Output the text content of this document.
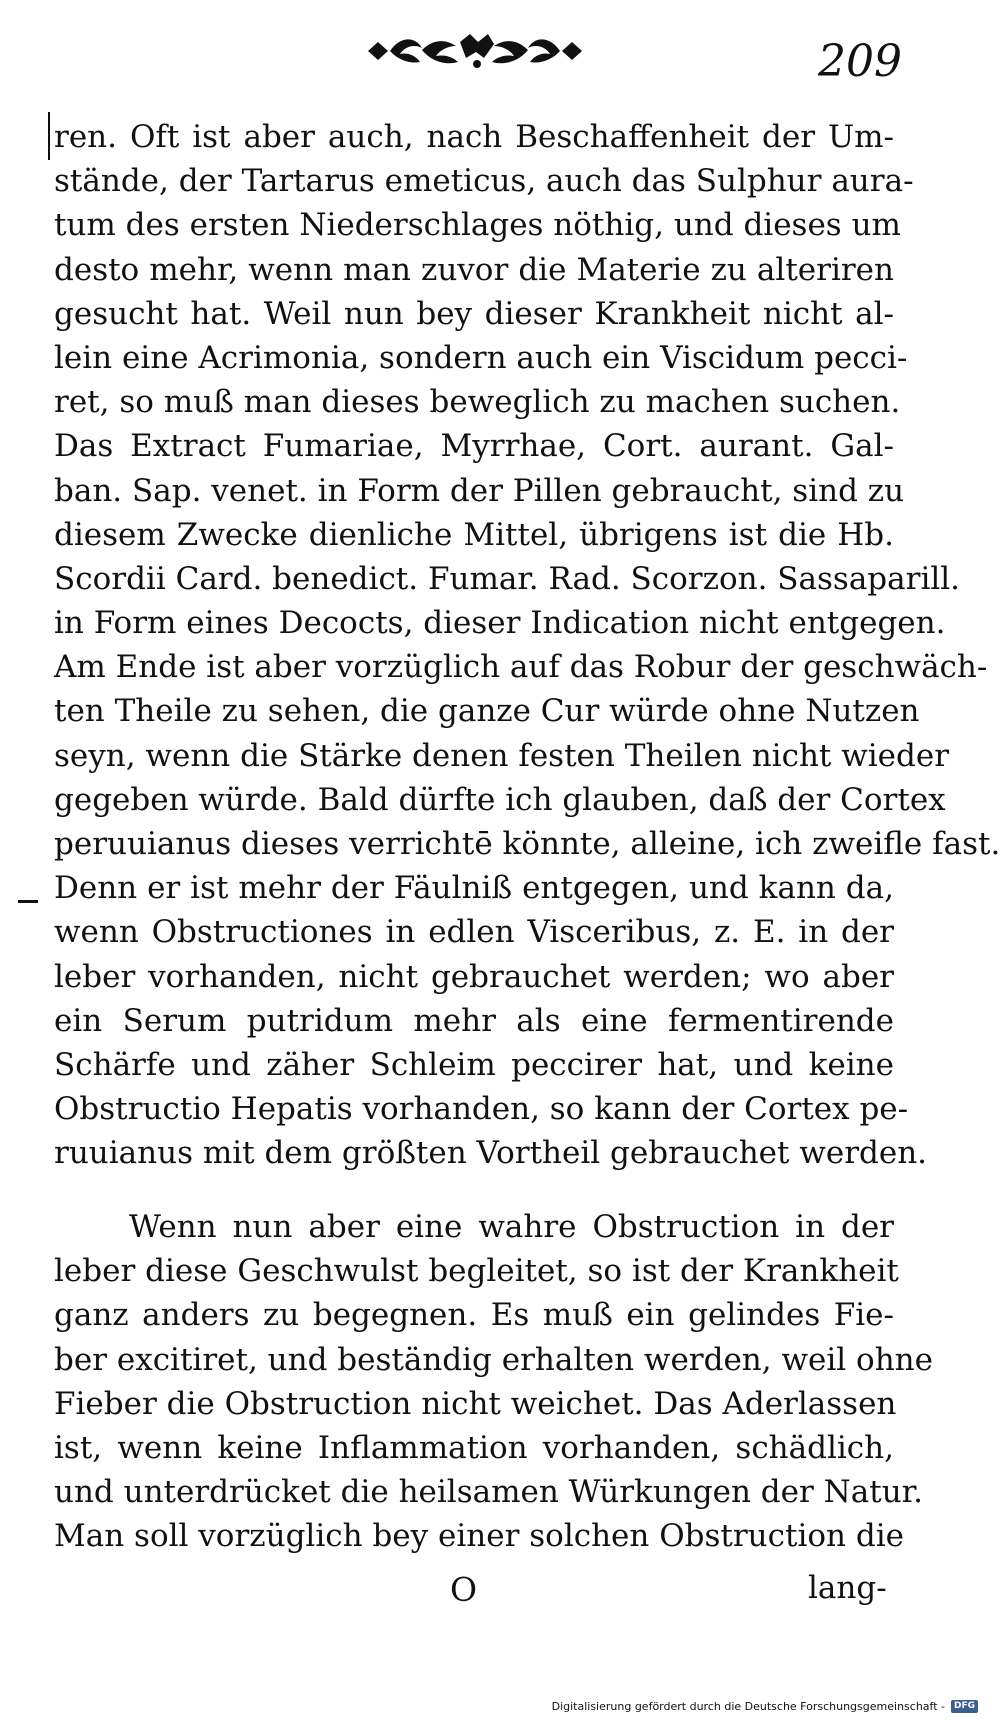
209
ren. Oft ist aber auch, nach Beschaffenheit der Um-
stände, der Tartarus emeticus, auch das Sulphur aura-
tum des ersten Niederschlages nöthig, und dieses um
desto mehr, wenn man zuvor die Materie zu alteriren
gesucht hat. Weil nun bey dieser Krankheit nicht al-
lein eine Acrimonia, sondern auch ein Viscidum pecci-
ret, so muß man dieses beweglich zu machen suchen.
Das Extract Fumariae, Myrrhae, Cort. aurant. Gal-
ban. Sap. venet. in Form der Pillen gebraucht, sind zu
diesem Zwecke dienliche Mittel, übrigens ist die Hb.
Scordii Card. benedict. Fumar. Rad. Scorzon. Sassaparill.
in Form eines Decocts, dieser Indication nicht entgegen.
Am Ende ist aber vorzüglich auf das Robur der geschwäch-
ten Theile zu sehen, die ganze Cur würde ohne Nutzen
seyn, wenn die Stärke denen festen Theilen nicht wieder
gegeben würde. Bald dürfte ich glauben, daß der Cortex
peruuianus dieses verrichtē könnte, alleine, ich zweifle fast.
Denn er ist mehr der Fäulniß entgegen, und kann da,
wenn Obstructiones in edlen Visceribus, z. E. in der
leber vorhanden, nicht gebrauchet werden; wo aber
ein Serum putridum mehr als eine fermentirende
Schärfe und zäher Schleim peccirer hat, und keine
Obstructio Hepatis vorhanden, so kann der Cortex pe-
ruuianus mit dem größten Vortheil gebrauchet werden.
Wenn nun aber eine wahre Obstruction in der
leber diese Geschwulst begleitet, so ist der Krankheit
ganz anders zu begegnen. Es muß ein gelindes Fie-
ber excitiret, und beständig erhalten werden, weil ohne
Fieber die Obstruction nicht weichet. Das Aderlassen
ist, wenn keine Inflammation vorhanden, schädlich,
und unterdrücket die heilsamen Würkungen der Natur.
Man soll vorzüglich bey einer solchen Obstruction die
O	lang-
Digitalisierung gefördert durch die Deutsche Forschungsgemeinschaft -	DFG
